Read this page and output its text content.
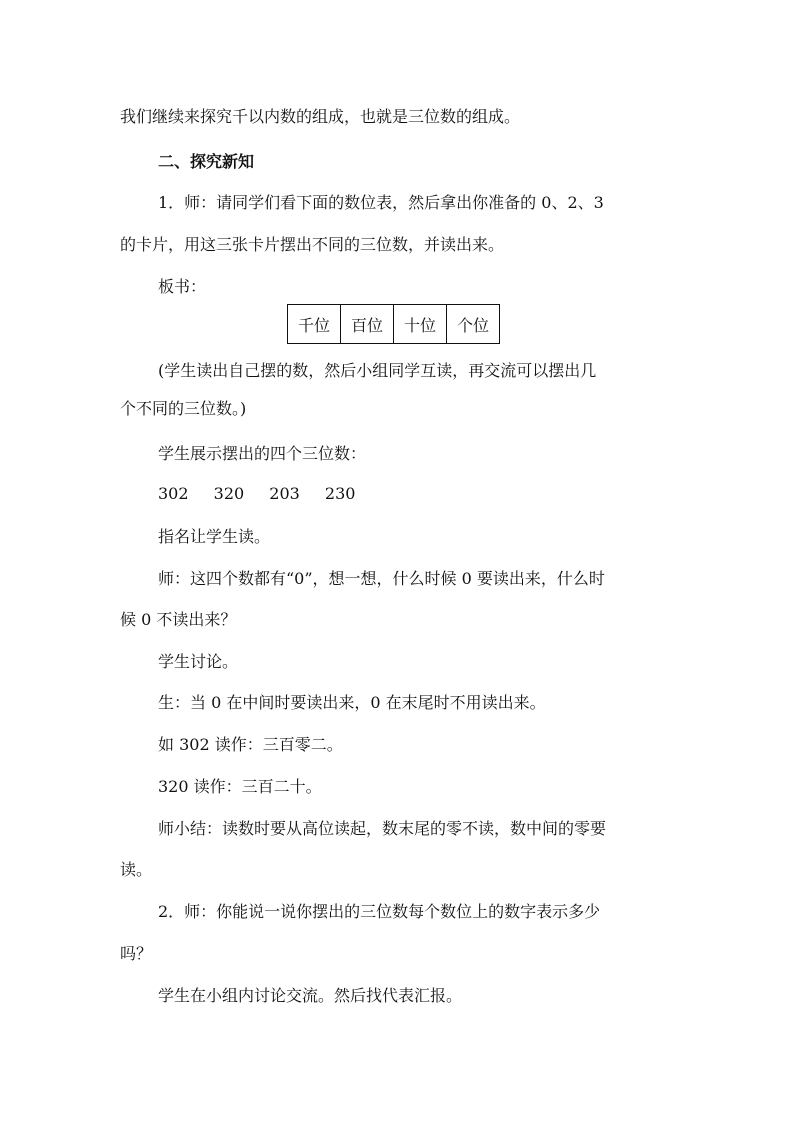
我们继续来探究千以内数的组成，也就是三位数的组成。
二、探究新知
1．师：请同学们看下面的数位表，然后拿出你准备的 0、2、3
的卡片，用这三张卡片摆出不同的三位数，并读出来。
板书：
千位	百位	十位	个位
(学生读出自己摆的数，然后小组同学互读，再交流可以摆出几
个不同的三位数。)
学生展示摆出的四个三位数：
302 320 203 230
指名让学生读。
师：这四个数都有“0”，想一想，什么时候 0 要读出来，什么时
候 0 不读出来？
学生讨论。
生：当 0 在中间时要读出来，0 在末尾时不用读出来。
如 302 读作：三百零二。
320 读作：三百二十。
师小结：读数时要从高位读起，数末尾的零不读，数中间的零要
读。
2．师：你能说一说你摆出的三位数每个数位上的数字表示多少
吗？
学生在小组内讨论交流。然后找代表汇报。
